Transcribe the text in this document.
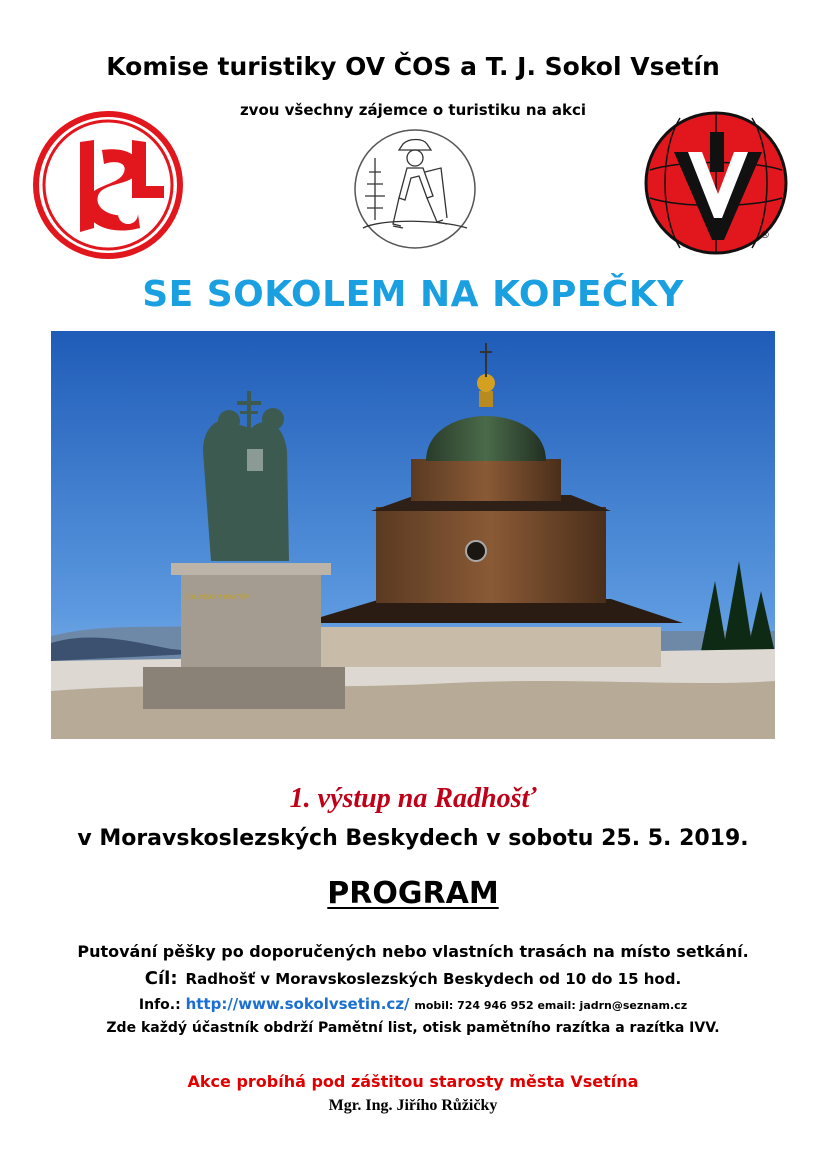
Komise turistiky OV ČOS a T. J. Sokol Vsetín
zvou všechny zájemce o turistiku na akci
®
SE SOKOLEM NA KOPEČKY
SOLUNSKÝM BRATŘÍM
1. výstup na Radhošť
v Moravskoslezských Beskydech v sobotu 25. 5. 2019.
PROGRAM
Putování pěšky po doporučených nebo vlastních trasách na místo setkání.
Cíl: Radhošť v Moravskoslezských Beskydech od 10 do 15 hod.
Info.: http://www.sokolvsetin.cz/ mobil: 724 946 952 email: jadrn@seznam.cz
Zde každý účastník obdrží Pamětní list, otisk pamětního razítka a razítka IVV.
Akce probíhá pod záštitou starosty města Vsetína
Mgr. Ing. Jiřího Růžičky
